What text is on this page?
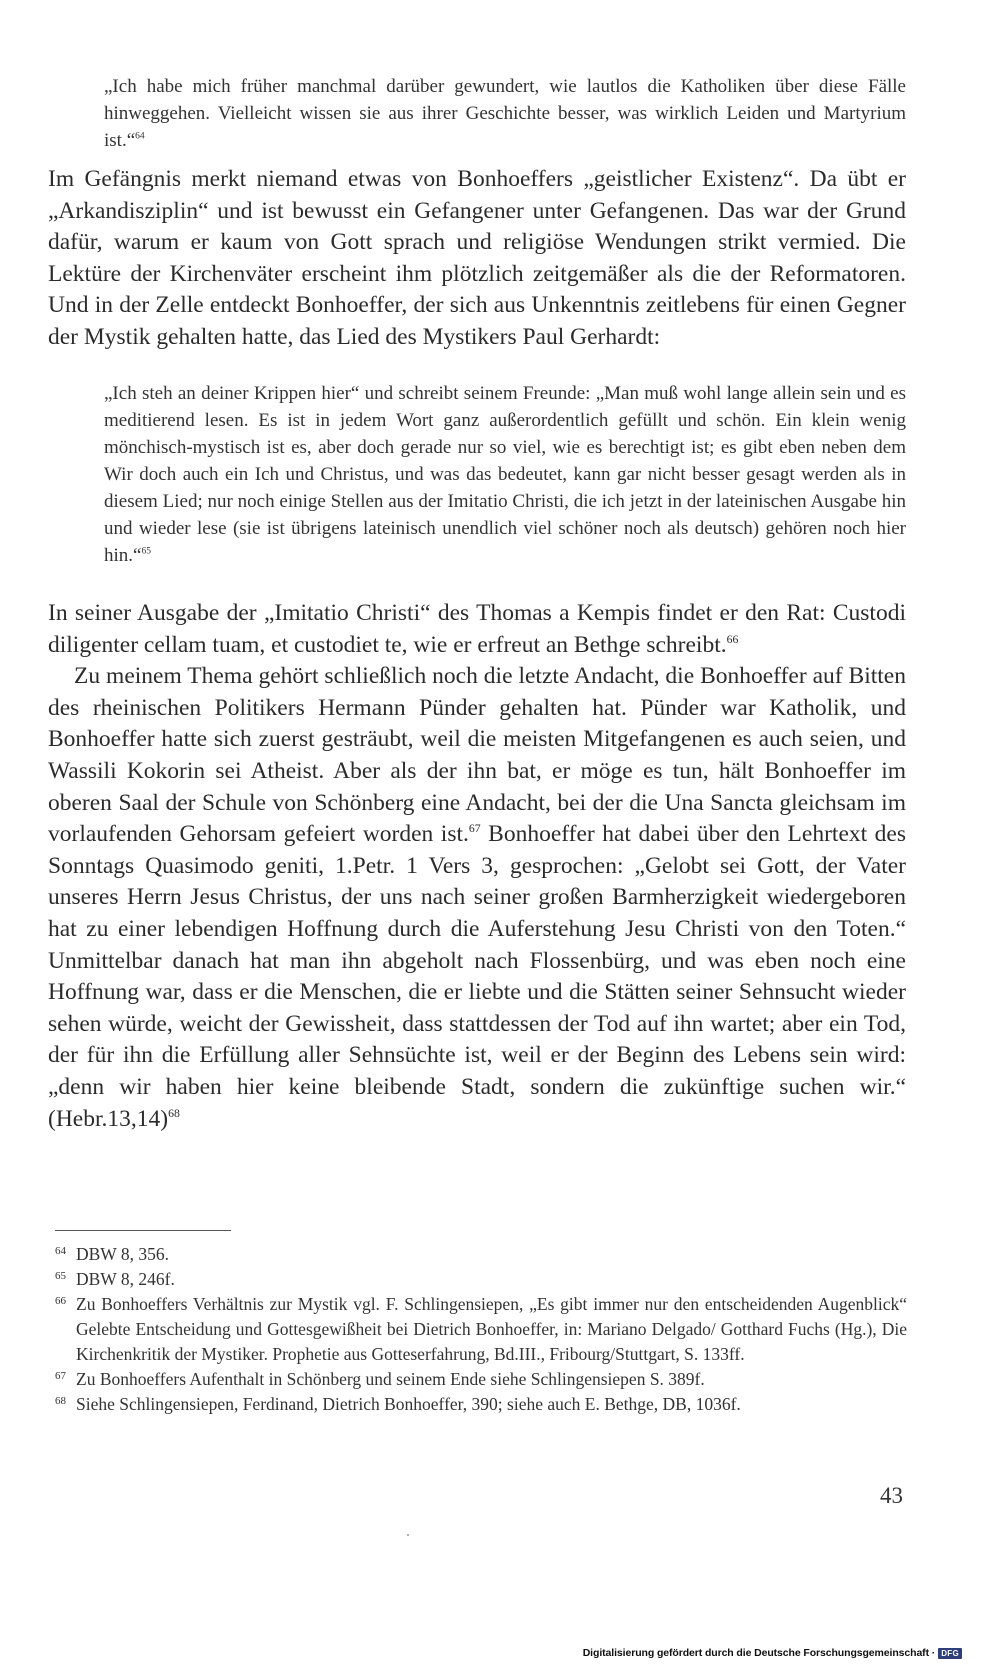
„Ich habe mich früher manchmal darüber gewundert, wie lautlos die Katholiken über diese Fälle hinweggehen. Vielleicht wissen sie aus ihrer Geschichte besser, was wirklich Leiden und Martyrium ist.“$^{64}$

Im Gefängnis merkt niemand etwas von Bonhoeffers „geistlicher Existenz“. Da übt er „Arkandisziplin“ und ist bewusst ein Gefangener unter Gefangenen. Das war der Grund dafür, warum er kaum von Gott sprach und religiöse Wendungen strikt vermied. Die Lektüre der Kirchenväter erscheint ihm plötzlich zeitgemäßer als die der Reformatoren. Und in der Zelle entdeckt Bonhoeffer, der sich aus Unkenntnis zeitlebens für einen Gegner der Mystik gehalten hatte, das Lied des Mystikers Paul Gerhardt:

„Ich steh an deiner Krippen hier“ und schreibt seinem Freunde: „Man muß wohl lange allein sein und es meditierend lesen. Es ist in jedem Wort ganz außerordentlich gefüllt und schön. Ein klein wenig mönchisch-mystisch ist es, aber doch gerade nur so viel, wie es berechtigt ist; es gibt eben neben dem Wir doch auch ein Ich und Christus, und was das bedeutet, kann gar nicht besser gesagt werden als in diesem Lied; nur noch einige Stellen aus der Imitatio Christi, die ich jetzt in der lateinischen Ausgabe hin und wieder lese (sie ist übrigens lateinisch unendlich viel schöner noch als deutsch) gehören noch hier hin.“$^{65}$

In seiner Ausgabe der „Imitatio Christi“ des Thomas a Kempis findet er den Rat: Custodi diligenter cellam tuam, et custodiet te, wie er erfreut an Bethge schreibt.$^{66}$

Zu meinem Thema gehört schließlich noch die letzte Andacht, die Bonhoeffer auf Bitten des rheinischen Politikers Hermann Pünder gehalten hat. Pünder war Katholik, und Bonhoeffer hatte sich zuerst gesträubt, weil die meisten Mitgefangenen es auch seien, und Wassili Kokorin sei Atheist. Aber als der ihn bat, er möge es tun, hält Bonhoeffer im oberen Saal der Schule von Schönberg eine Andacht, bei der die Una Sancta gleichsam im vorlaufenden Gehorsam gefeiert worden ist.$^{67}$ Bonhoeffer hat dabei über den Lehrtext des Sonntags Quasimodo geniti, 1.Petr. 1 Vers 3, gesprochen: „Gelobt sei Gott, der Vater unseres Herrn Jesus Christus, der uns nach seiner großen Barmherzigkeit wiedergeboren hat zu einer lebendigen Hoffnung durch die Auferstehung Jesu Christi von den Toten.“ Unmittelbar danach hat man ihn abgeholt nach Flossenbürg, und was eben noch eine Hoffnung war, dass er die Menschen, die er liebte und die Stätten seiner Sehnsucht wieder sehen würde, weicht der Gewissheit, dass stattdessen der Tod auf ihn wartet; aber ein Tod, der für ihn die Erfüllung aller Sehnsüchte ist, weil er der Beginn des Lebens sein wird: „denn wir haben hier keine bleibende Stadt, sondern die zukünftige suchen wir.“ (Hebr.13,14)$^{68}$

64 DBW 8, 356.
65 DBW 8, 246f.
66 Zu Bonhoeffers Verhältnis zur Mystik vgl. F. Schlingensiepen, „Es gibt immer nur den entscheidenden Augenblick“ Gelebte Entscheidung und Gottesgewißheit bei Dietrich Bonhoeffer, in: Mariano Delgado/ Gotthard Fuchs (Hg.), Die Kirchenkritik der Mystiker. Prophetie aus Gotteserfahrung, Bd.III., Fribourg/Stuttgart, S. 133ff.
67 Zu Bonhoeffers Aufenthalt in Schönberg und seinem Ende siehe Schlingensiepen S. 389f.
68 Siehe Schlingensiepen, Ferdinand, Dietrich Bonhoeffer, 390; siehe auch E. Bethge, DB, 1036f.
43
Digitalisierung gefördert durch die Deutsche Forschungsgemeinschaft · DFG
